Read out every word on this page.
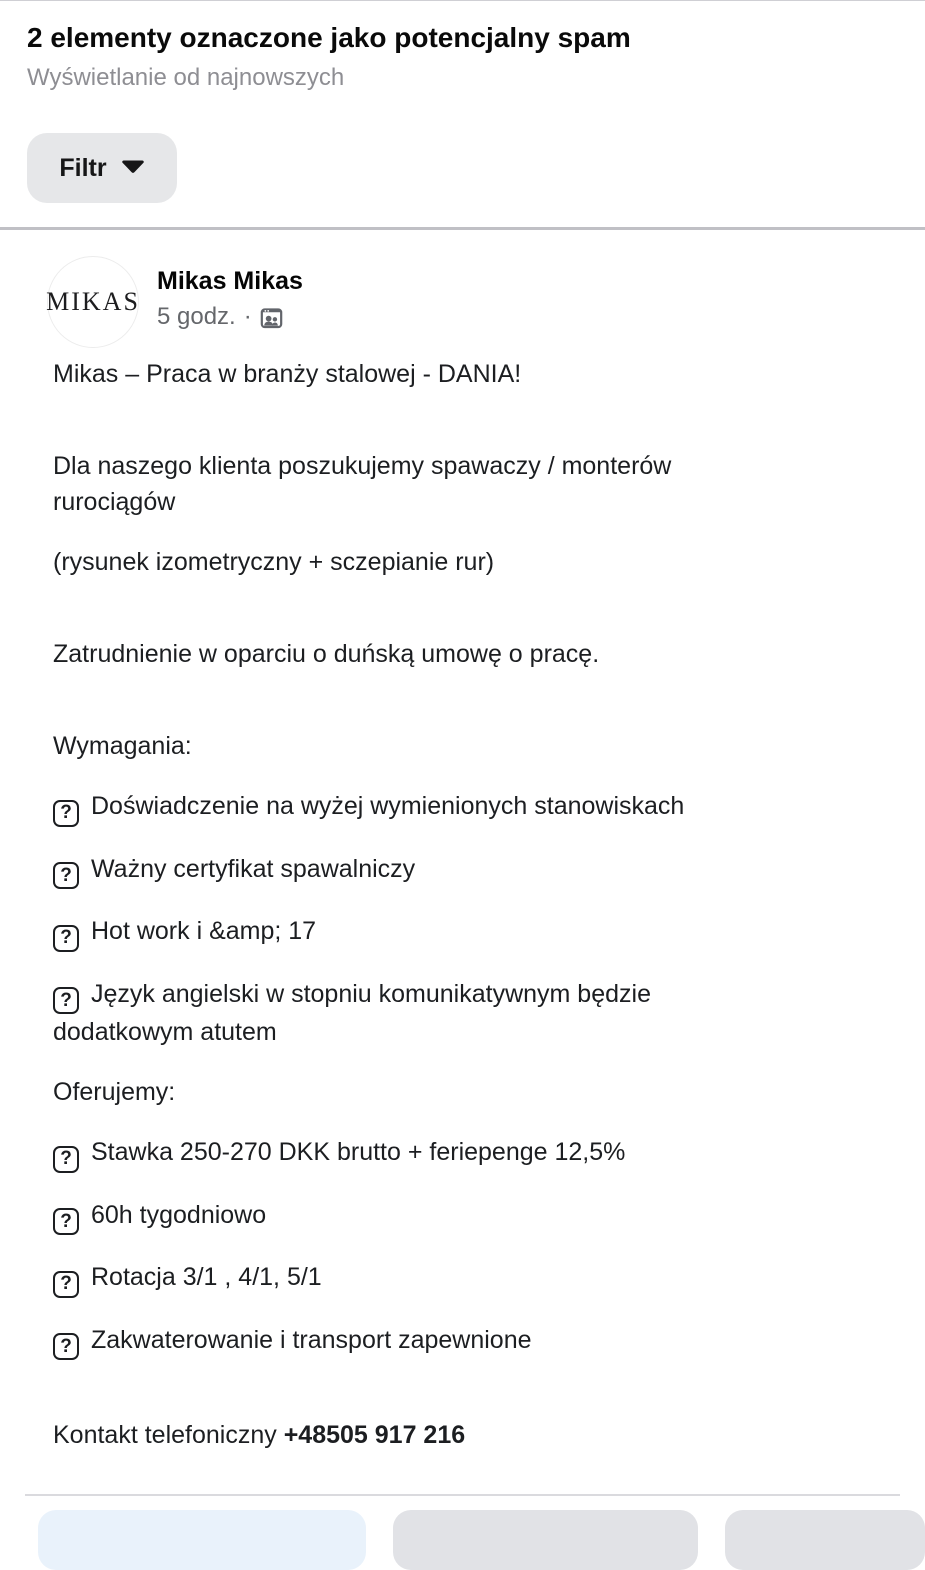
2 elementy oznaczone jako potencjalny spam
Wyświetlanie od najnowszych
Filtr
MIKAS
Mikas Mikas
5 godz. ·
Mikas – Praca w branży stalowej - DANIA!
Dla naszego klienta poszukujemy spawaczy / monterów
rurociągów
(rysunek izometryczny + sczepianie rur)
Zatrudnienie w oparciu o duńską umowę o pracę.
Wymagania:
? Doświadczenie na wyżej wymienionych stanowiskach
? Ważny certyfikat spawalniczy
? Hot work i &amp; 17
? Język angielski w stopniu komunikatywnym będzie
dodatkowym atutem
Oferujemy:
? Stawka 250-270 DKK brutto + feriepenge 12,5%
? 60h tygodniowo
? Rotacja 3/1 , 4/1, 5/1
? Zakwaterowanie i transport zapewnione
Kontakt telefoniczny +48505 917 216
